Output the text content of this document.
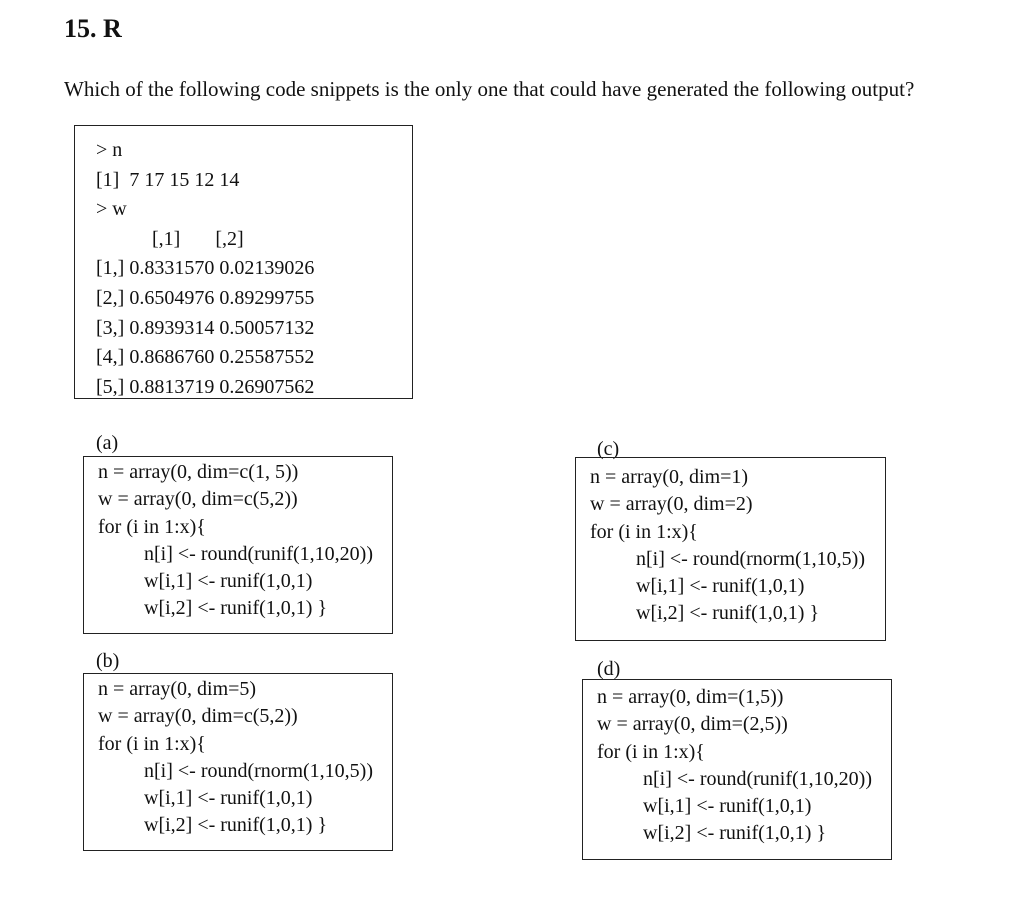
15. R
Which of the following code snippets is the only one that could have generated the following output?
> n
[1]  7 17 15 12 14
> w
[,1]       [,2]
[1,] 0.8331570 0.02139026
[2,] 0.6504976 0.89299755
[3,] 0.8939314 0.50057132
[4,] 0.8686760 0.25587552
[5,] 0.8813719 0.26907562
(a)
n = array(0, dim=c(1, 5))
w = array(0, dim=c(5,2))
for (i in 1:x){
n[i] <- round(runif(1,10,20))
w[i,1] <- runif(1,0,1)
w[i,2] <- runif(1,0,1) }
(b)
n = array(0, dim=5)
w = array(0, dim=c(5,2))
for (i in 1:x){
n[i] <- round(rnorm(1,10,5))
w[i,1] <- runif(1,0,1)
w[i,2] <- runif(1,0,1) }
(c)
n = array(0, dim=1)
w = array(0, dim=2)
for (i in 1:x){
n[i] <- round(rnorm(1,10,5))
w[i,1] <- runif(1,0,1)
w[i,2] <- runif(1,0,1) }
(d)
n = array(0, dim=(1,5))
w = array(0, dim=(2,5))
for (i in 1:x){
n[i] <- round(runif(1,10,20))
w[i,1] <- runif(1,0,1)
w[i,2] <- runif(1,0,1) }
